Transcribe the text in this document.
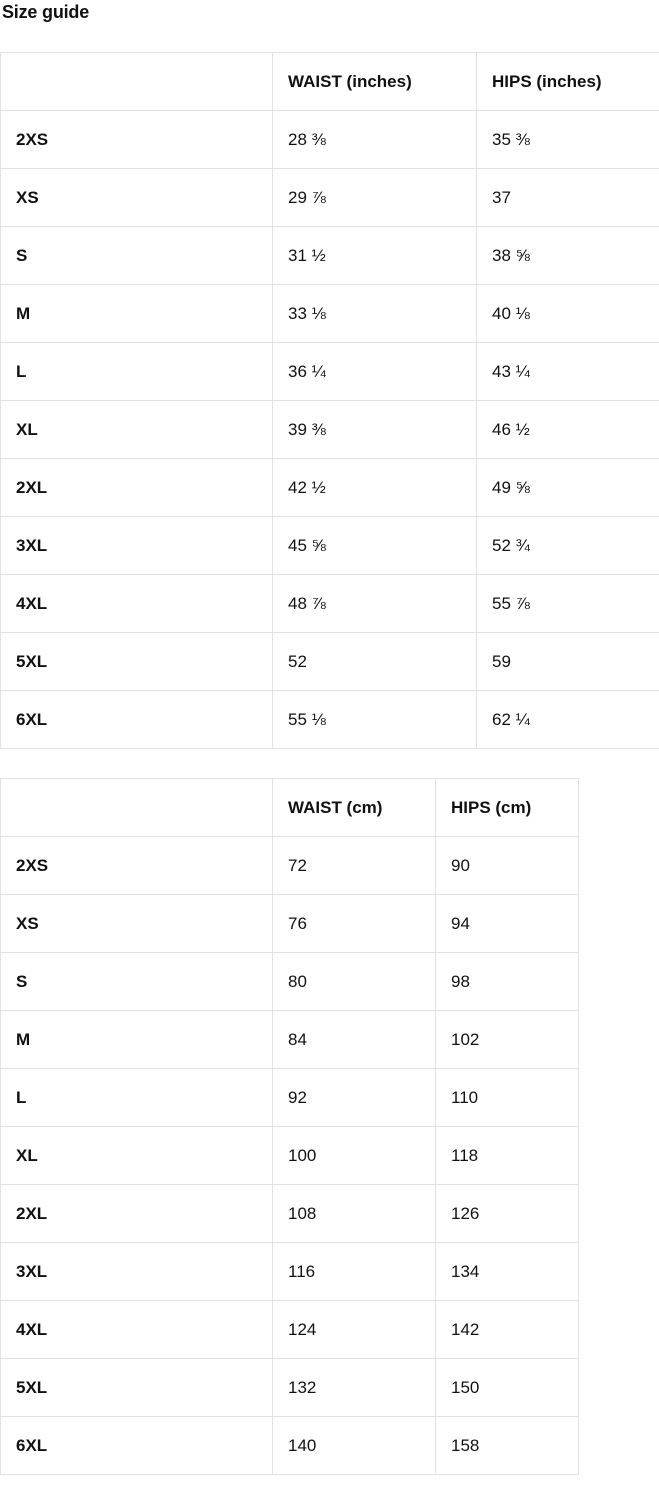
Size guide
	WAIST (inches)	HIPS (inches)
2XS	28 ⅜	35 ⅜
XS	29 ⅞	37
S	31 ½	38 ⅝
M	33 ⅛	40 ⅛
L	36 ¼	43 ¼
XL	39 ⅜	46 ½
2XL	42 ½	49 ⅝
3XL	45 ⅝	52 ¾
4XL	48 ⅞	55 ⅞
5XL	52	59
6XL	55 ⅛	62 ¼
	WAIST (cm)	HIPS (cm)
2XS	72	90
XS	76	94
S	80	98
M	84	102
L	92	110
XL	100	118
2XL	108	126
3XL	116	134
4XL	124	142
5XL	132	150
6XL	140	158
